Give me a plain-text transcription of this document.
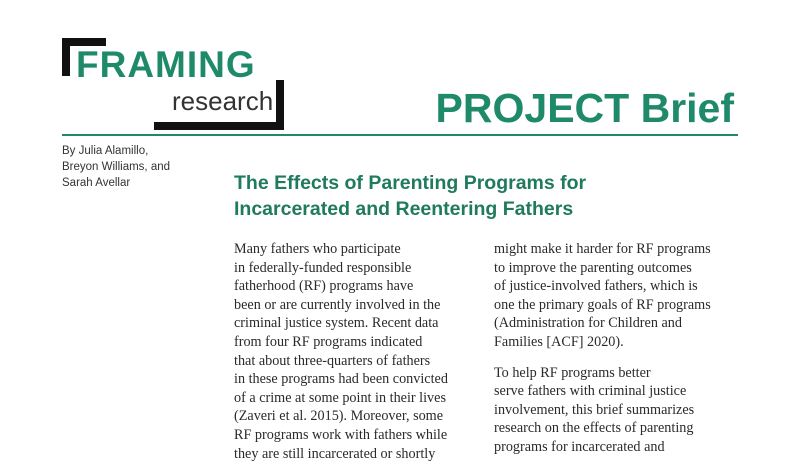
FRAMING
research	PROJECT Brief
By Julia Alamillo,
Breyon Williams, and
Sarah Avellar	The Effects of Parenting Programs for
Incarcerated and Reentering Fathers
Many fathers who participate
in federally-funded responsible
fatherhood (RF) programs have
been or are currently involved in the
criminal justice system. Recent data
from four RF programs indicated
that about three-quarters of fathers
in these programs had been convicted
of a crime at some point in their lives
(Zaveri et al. 2015). Moreover, some
RF programs work with fathers while
they are still incarcerated or shortly
might make it harder for RF programs
to improve the parenting outcomes
of justice-involved fathers, which is
one the primary goals of RF programs
(Administration for Children and
Families [ACF] 2020).
To help RF programs better
serve fathers with criminal justice
involvement, this brief summarizes
research on the effects of parenting
programs for incarcerated and
